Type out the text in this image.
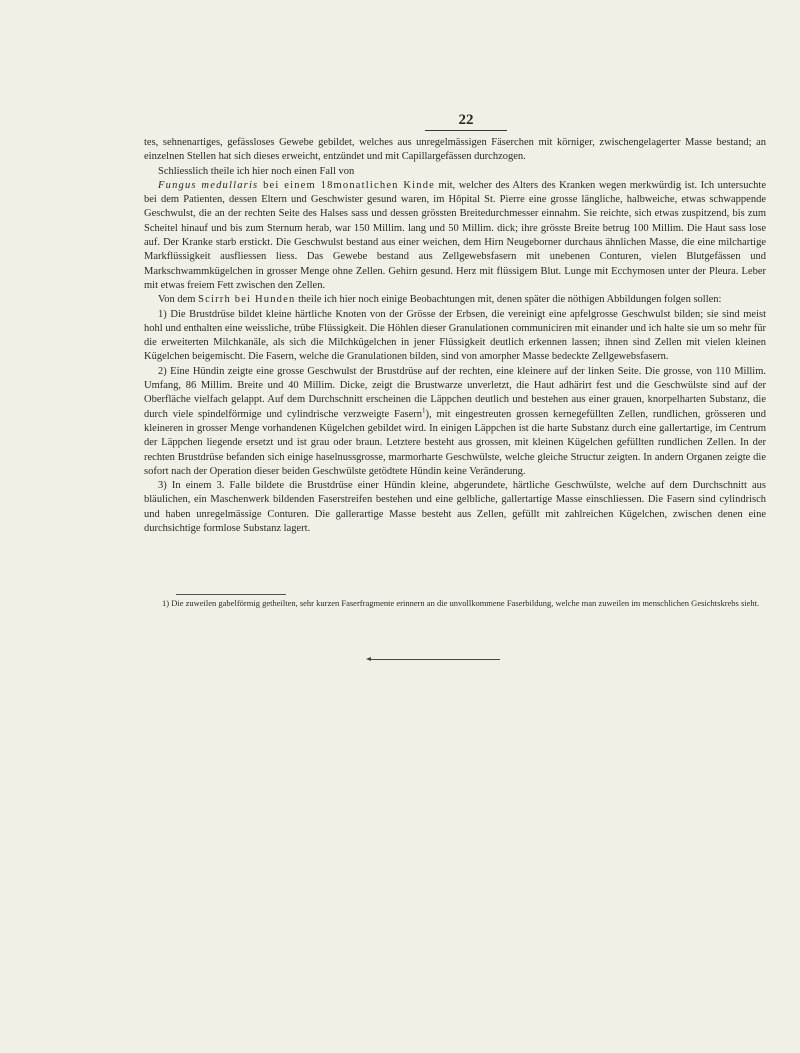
22

tes, sehnenartiges, gefässloses Gewebe gebildet, welches aus unregelmässigen Fäserchen mit körniger, zwischengelagerter Masse bestand; an einzelnen Stellen hat sich dieses erweicht, entzündet und mit Capillargefässen durchzogen.

Schliesslich theile ich hier noch einen Fall von

Fungus medullaris bei einem 18monatlichen Kinde mit, welcher des Alters des Kranken wegen merkwürdig ist. Ich untersuchte bei dem Patienten, dessen Eltern und Geschwister gesund waren, im Hôpital St. Pierre eine grosse längliche, halbweiche, etwas schwappende Geschwulst, die an der rechten Seite des Halses sass und dessen grössten Breitedurchmesser einnahm. Sie reichte, sich etwas zuspitzend, bis zum Scheitel hinauf und bis zum Sternum herab, war 150 Millim. lang und 50 Millim. dick; ihre grösste Breite betrug 100 Millim. Die Haut sass lose auf. Der Kranke starb erstickt. Die Geschwulst bestand aus einer weichen, dem Hirn Neugeborner durchaus ähnlichen Masse, die eine milchartige Markflüssigkeit ausfliessen liess. Das Gewebe bestand aus Zellgewebsfasern mit unebenen Conturen, vielen Blutgefässen und Markschwammkügelchen in grosser Menge ohne Zellen. Gehirn gesund. Herz mit flüssigem Blut. Lunge mit Ecchymosen unter der Pleura. Leber mit etwas freiem Fett zwischen den Zellen.

Von dem Scirrh bei Hunden theile ich hier noch einige Beobachtungen mit, denen später die nöthigen Abbildungen folgen sollen:

1) Die Brustdrüse bildet kleine härtliche Knoten von der Grösse der Erbsen, die vereinigt eine apfelgrosse Geschwulst bilden; sie sind meist hohl und enthalten eine weissliche, trübe Flüssigkeit. Die Höhlen dieser Granulationen communiciren mit einander und ich halte sie um so mehr für die erweiterten Milchkanäle, als sich die Milchkügelchen in jener Flüssigkeit deutlich erkennen lassen; ihnen sind Zellen mit vielen kleinen Kügelchen beigemischt. Die Fasern, welche die Granulationen bilden, sind von amorpher Masse bedeckte Zellgewebsfasern.

2) Eine Hündin zeigte eine grosse Geschwulst der Brustdrüse auf der rechten, eine kleinere auf der linken Seite. Die grosse, von 110 Millim. Umfang, 86 Millim. Breite und 40 Millim. Dicke, zeigt die Brustwarze unverletzt, die Haut adhärirt fest und die Geschwülste sind auf der Oberfläche vielfach gelappt. Auf dem Durchschnitt erscheinen die Läppchen deutlich und bestehen aus einer grauen, knorpelharten Substanz, die durch viele spindelförmige und cylindrische verzweigte Fasern$^1$), mit eingestreuten grossen kernegefüllten Zellen, rundlichen, grösseren und kleineren in grosser Menge vorhandenen Kügelchen gebildet wird. In einigen Läppchen ist die harte Substanz durch eine gallertartige, im Centrum der Läppchen liegende ersetzt und ist grau oder braun. Letztere besteht aus grossen, mit kleinen Kügelchen gefüllten rundlichen Zellen. In der rechten Brustdrüse befanden sich einige haselnussgrosse, marmorharte Geschwülste, welche gleiche Structur zeigten. In andern Organen zeigte die sofort nach der Operation dieser beiden Geschwülste getödtete Hündin keine Veränderung.

3) In einem 3. Falle bildete die Brustdrüse einer Hündin kleine, abgerundete, härtliche Geschwülste, welche auf dem Durchschnitt aus bläulichen, ein Maschenwerk bildenden Faserstreifen bestehen und eine gelbliche, gallertartige Masse einschliessen. Die Fasern sind cylindrisch und haben unregelmässige Conturen. Die gallerartige Masse besteht aus Zellen, gefüllt mit zahlreichen Kügelchen, zwischen denen eine durchsichtige formlose Substanz lagert.

1) Die zuweilen gabelförmig getheilten, sehr kurzen Faserfragmente erinnern an die unvollkommene Faserbildung, welche man zuweilen im menschlichen Gesichtskrebs sieht.
